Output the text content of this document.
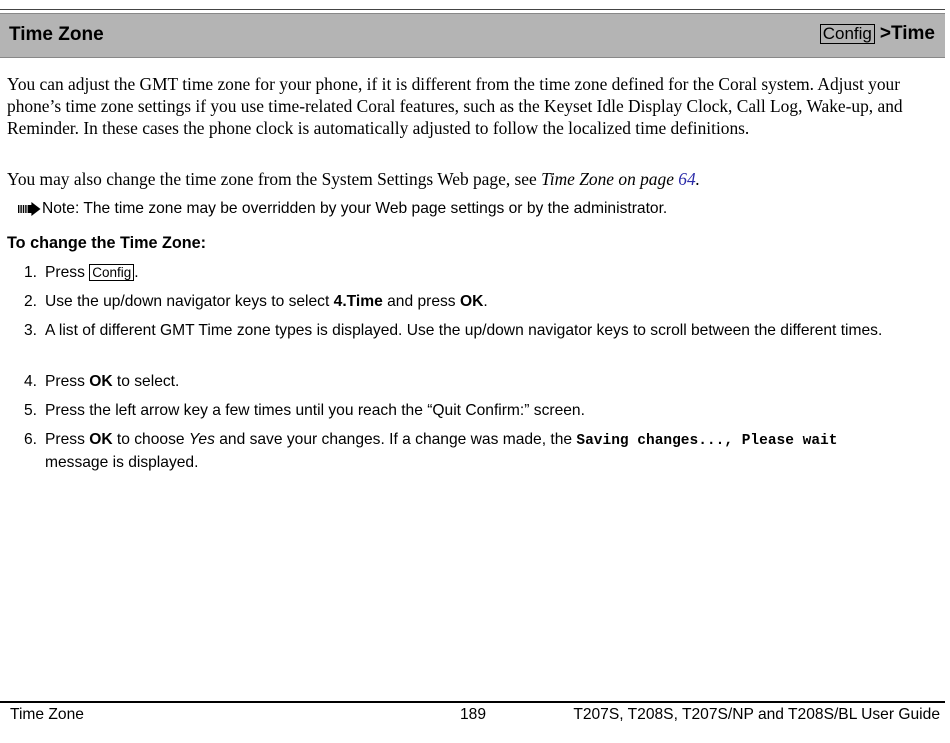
Time Zone	Config >Time
You can adjust the GMT time zone for your phone, if it is different from the time zone defined for the Coral system. Adjust your phone’s time zone settings if you use time-related Coral features, such as the Keyset Idle Display Clock, Call Log, Wake-up, and Reminder. In these cases the phone clock is automatically adjusted to follow the localized time definitions.
You may also change the time zone from the System Settings Web page, see Time Zone on page 64.
Note: The time zone may be overridden by your Web page settings or by the administrator.
To change the Time Zone:
1. Press Config .
2. Use the up/down navigator keys to select 4.Time and press OK.
3. A list of different GMT Time zone types is displayed. Use the up/down navigator keys to scroll between the different times.
4. Press OK to select.
5. Press the left arrow key a few times until you reach the “Quit Confirm:” screen.
6. Press OK to choose Yes and save your changes. If a change was made, the Saving changes..., Please wait
message is displayed.
Time Zone	189	T207S, T208S, T207S/NP and T208S/BL User Guide
